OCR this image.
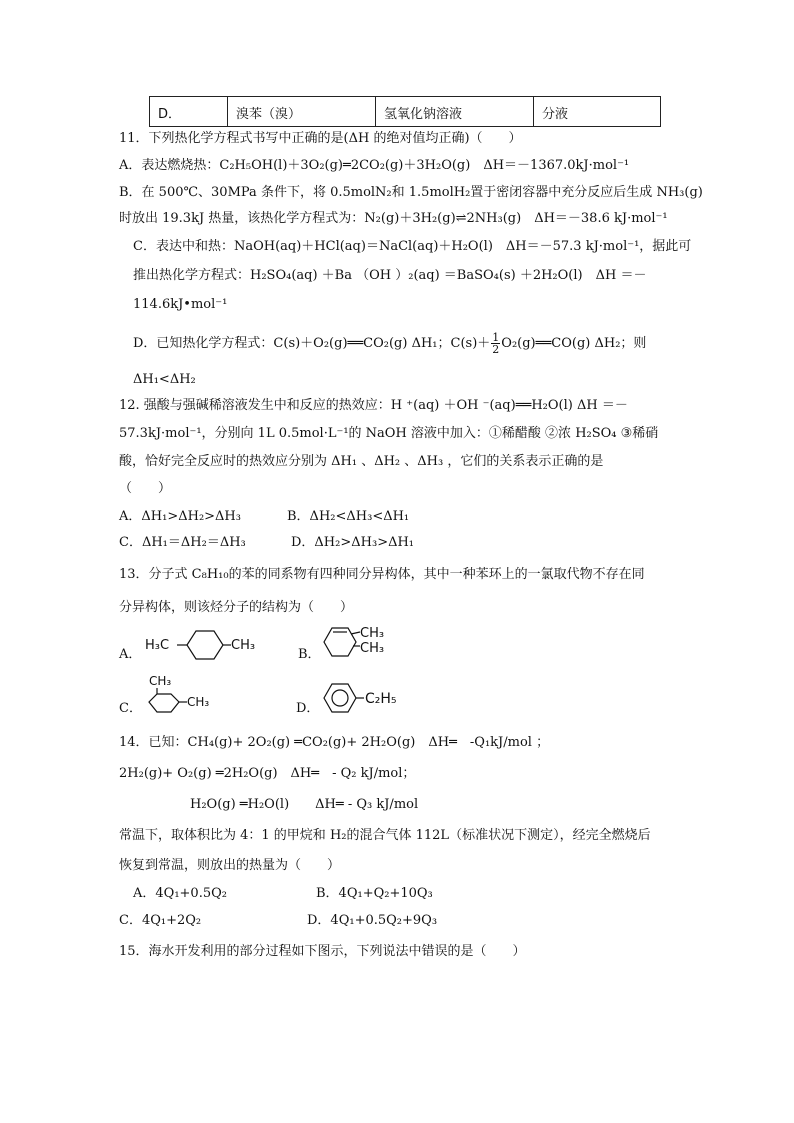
D．	溴苯（溴）	氢氧化钠溶液	分液
11．下列热化学方程式书写中正确的是(ΔH 的绝对值均正确)（　　）
A．表达燃烧热：C₂H₅OH(l)＋3O₂(g)═2CO₂(g)＋3H₂O(g)　ΔH＝－1367.0kJ·mol⁻¹
B．在 500℃、30MPa 条件下，将 0.5molN₂和 1.5molH₂置于密闭容器中充分反应后生成 NH₃(g)
时放出 19.3kJ 热量，该热化学方程式为：N₂(g)＋3H₂(g)⇌2NH₃(g)　ΔH＝－38.6 kJ·mol⁻¹
C．表达中和热：NaOH(aq)＋HCl(aq)＝NaCl(aq)＋H₂O(l)　ΔH＝－57.3 kJ·mol⁻¹，据此可
推出热化学方程式：H₂SO₄(aq) ＋Ba （OH ）₂(aq) ＝BaSO₄(s) ＋2H₂O(l)　ΔH ＝－
114.6kJ•mol⁻¹
D．已知热化学方程式：C(s)＋O₂(g)══CO₂(g) ΔH₁；$C(s)+ \frac{1}{2}$ O₂(g)══CO(g) ΔH₂；则
ΔH₁<ΔH₂
12. 强酸与强碱稀溶液发生中和反应的热效应：H ⁺(aq) ＋OH ⁻(aq)══H₂O(l) ΔH ＝－
57.3kJ·mol⁻¹，分别向 1L 0.5mol·L⁻¹的 NaOH 溶液中加入：①稀醋酸 ②浓 H₂SO₄ ③稀硝
酸，恰好完全反应时的热效应分别为 ΔH₁ 、ΔH₂ 、ΔH₃ ，它们的关系表示正确的是
（　　）
A．ΔH₁>ΔH₂>ΔH₃	B．ΔH₂<ΔH₃<ΔH₁
C．ΔH₁＝ΔH₂＝ΔH₃	D．ΔH₂>ΔH₃>ΔH₁
13．分子式 C₈H₁₀的苯的同系物有四种同分异构体，其中一种苯环上的一氯取代物不存在同
分异构体，则该烃分子的结构为（　　）
A．
H₃C	CH₃
B．
CH₃
CH₃
C．
CH₃
CH₃	D．
C₂H₅
14．已知：CH₄(g)+ 2O₂(g) ═CO₂(g)+ 2H₂O(g)　ΔH═　-Q₁kJ/mol ；
2H₂(g)+ O₂(g) ═2H₂O(g)　ΔH═　- Q₂ kJ/mol；
H₂O(g) ═H₂O(l)　　ΔH═ - Q₃ kJ/mol
常温下，取体积比为 4：1 的甲烷和 H₂的混合气体 112L（标准状况下测定），经完全燃烧后
恢复到常温，则放出的热量为（　　）
A．4Q₁+0.5Q₂	B．4Q₁+Q₂+10Q₃
C．4Q₁+2Q₂	D．4Q₁+0.5Q₂+9Q₃
15．海水开发利用的部分过程如下图示，下列说法中错误的是（　　）
